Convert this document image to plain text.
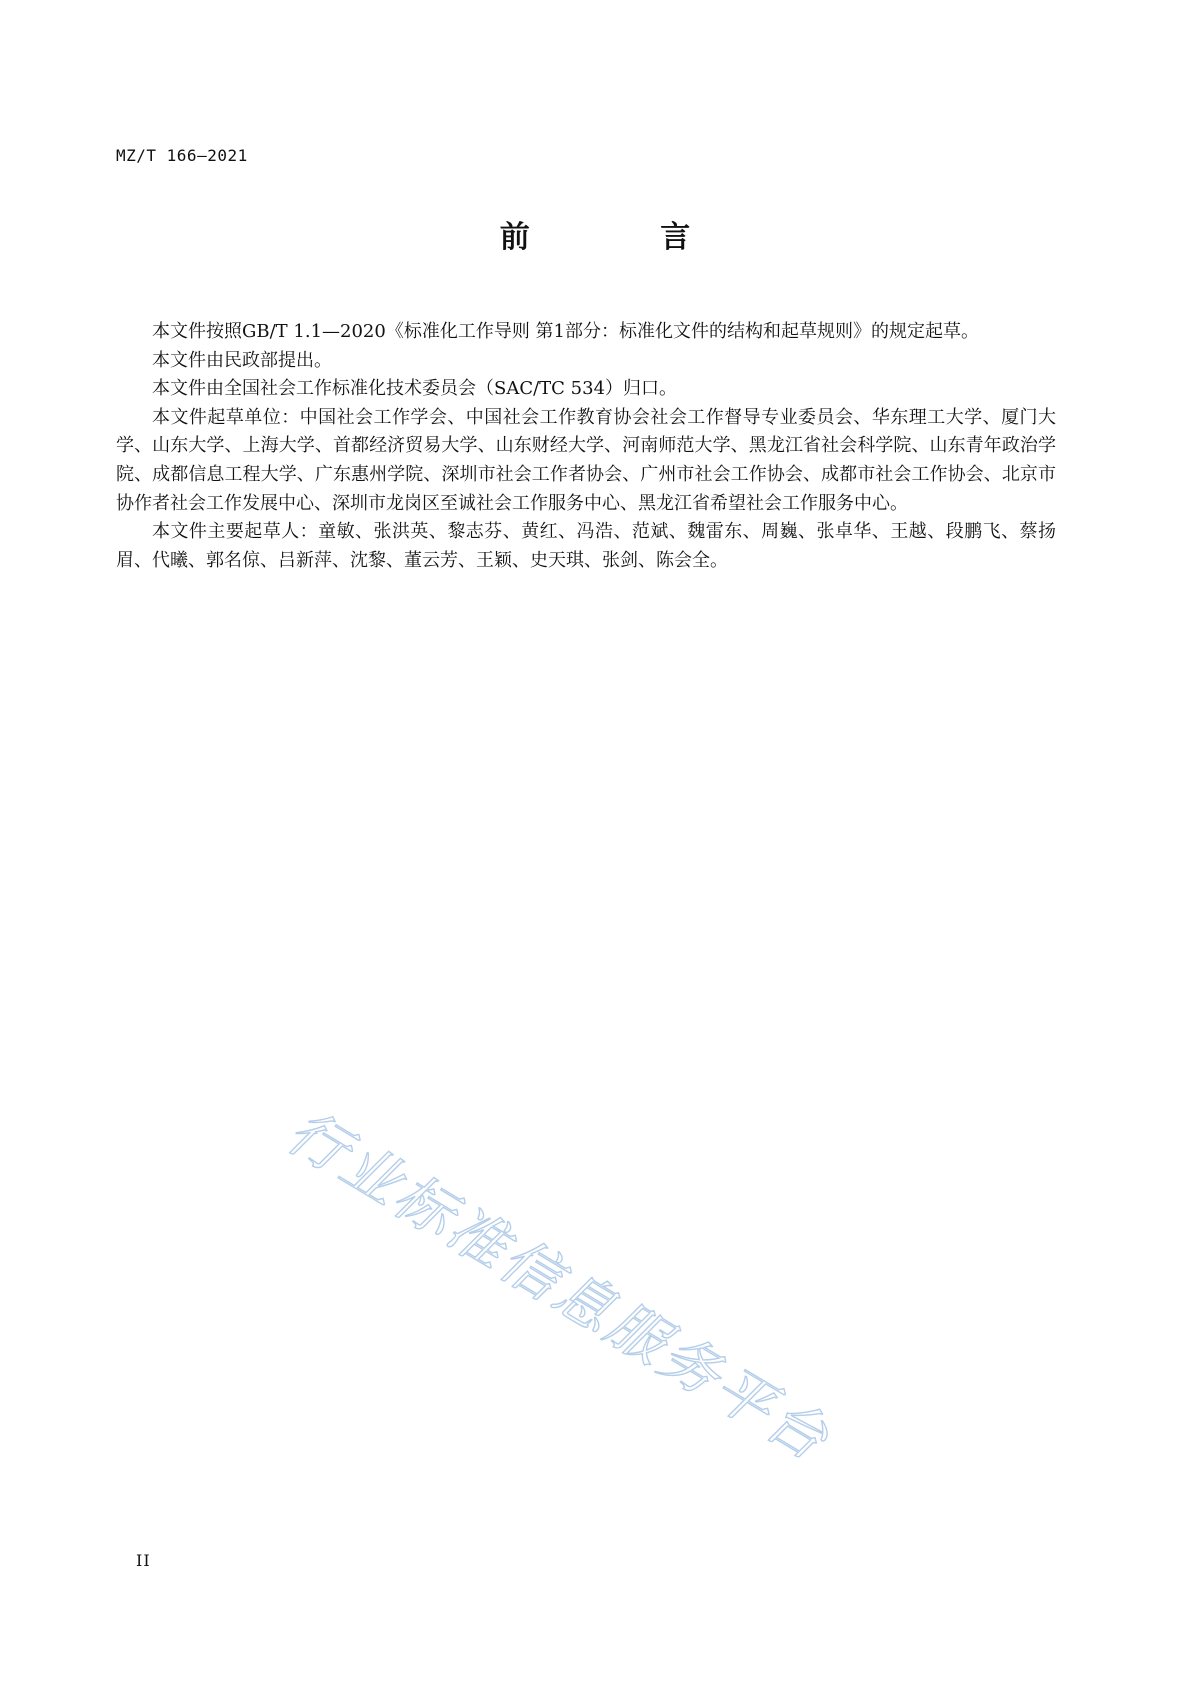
MZ/T 166—2021
前 言

本文件按照GB/T 1.1—2020《标准化工作导则 第1部分：标准化文件的结构和起草规则》的规定起草。

本文件由民政部提出。

本文件由全国社会工作标准化技术委员会（SAC/TC 534）归口。

本文件起草单位：中国社会工作学会、中国社会工作教育协会社会工作督导专业委员会、华东理工大学、厦门大学、山东大学、上海大学、首都经济贸易大学、山东财经大学、河南师范大学、黑龙江省社会科学院、山东青年政治学院、成都信息工程大学、广东惠州学院、深圳市社会工作者协会、广州市社会工作协会、成都市社会工作协会、北京市协作者社会工作发展中心、深圳市龙岗区至诚社会工作服务中心、黑龙江省希望社会工作服务中心。

本文件主要起草人：童敏、张洪英、黎志芬、黄红、冯浩、范斌、魏雷东、周巍、张卓华、王越、段鹏飞、蔡扬眉、代曦、郭名倞、吕新萍、沈黎、董云芳、王颖、史天琪、张剑、陈会全。

行业标准信息服务平台
II
